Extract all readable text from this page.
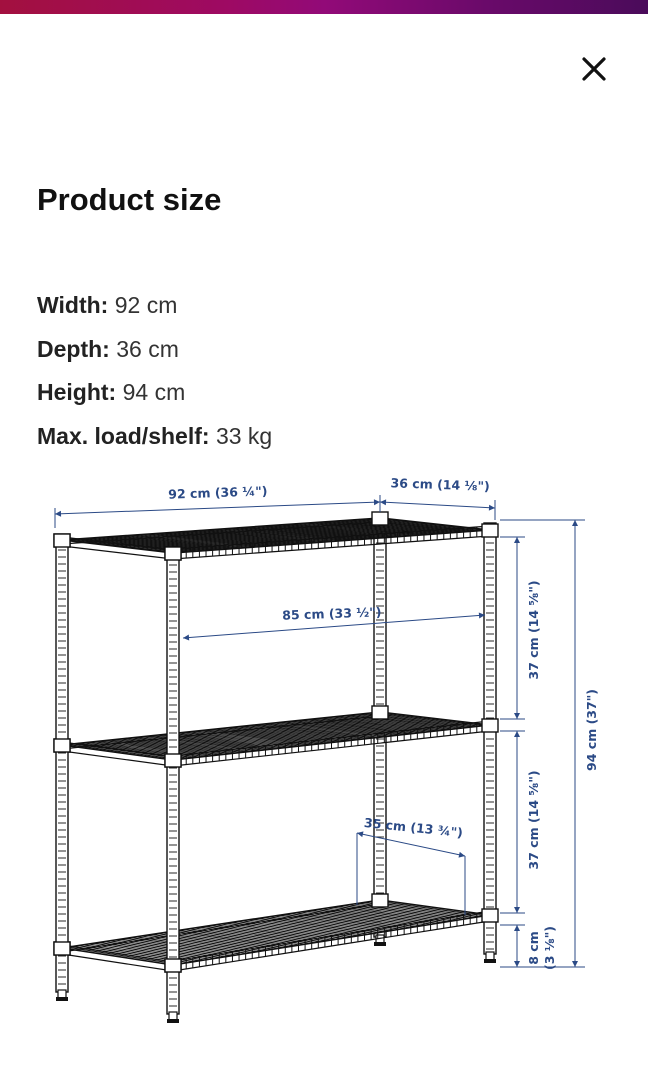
Product size
Width: 92 cm
Depth: 36 cm
Height: 94 cm
Max. load/shelf: 33 kg
92 cm (36 ¼")	36 cm (14 ⅛")
85 cm (33 ½")
35 cm (13 ¾")
37 cm (14 ⅝")
37 cm (14 ⅝")
8 cm (3 ⅛")
94 cm (37")
